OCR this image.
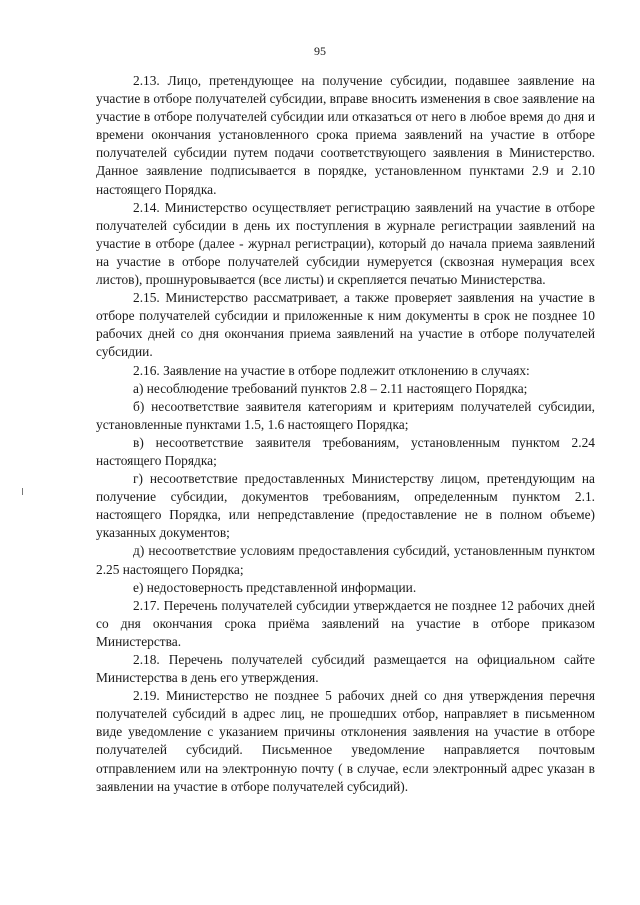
95

2.13. Лицо, претендующее на получение субсидии, подавшее заявление на участие в отборе получателей субсидии, вправе вносить изменения в свое заявление на участие в отборе получателей субсидии или отказаться от него в любое время до дня и времени окончания установленного срока приема заявлений на участие в отборе получателей субсидии путем подачи соответствующего заявления в Министерство. Данное заявление подписывается в порядке, установленном пунктами 2.9 и 2.10 настоящего Порядка.

2.14. Министерство осуществляет регистрацию заявлений на участие в отборе получателей субсидии в день их поступления в журнале регистрации заявлений на участие в отборе (далее - журнал регистрации), который до начала приема заявлений на участие в отборе получателей субсидии нумеруется (сквозная нумерация всех листов), прошнуровывается (все листы) и скрепляется печатью Министерства.

2.15. Министерство рассматривает, а также проверяет заявления на участие в отборе получателей субсидии и приложенные к ним документы в срок не позднее 10 рабочих дней со дня окончания приема заявлений на участие в отборе получателей субсидии.

2.16. Заявление на участие в отборе подлежит отклонению в случаях:

а) несоблюдение требований пунктов 2.8 – 2.11 настоящего Порядка;

б) несоответствие заявителя категориям и критериям получателей субсидии, установленные пунктами 1.5, 1.6 настоящего Порядка;

в) несоответствие заявителя требованиям, установленным пунктом 2.24 настоящего Порядка;

г) несоответствие предоставленных Министерству лицом, претендующим на получение субсидии, документов требованиям, определенным пунктом 2.1. настоящего Порядка, или непредставление (предоставление не в полном объеме) указанных документов;

д) несоответствие условиям предоставления субсидий, установленным пунктом 2.25 настоящего Порядка;

е) недостоверность представленной информации.

2.17. Перечень получателей субсидии утверждается не позднее 12 рабочих дней со дня окончания срока приёма заявлений на участие в отборе приказом Министерства.

2.18. Перечень получателей субсидий размещается на официальном сайте Министерства в день его утверждения.

2.19. Министерство не позднее 5 рабочих дней со дня утверждения перечня получателей субсидий в адрес лиц, не прошедших отбор, направляет в письменном виде уведомление с указанием причины отклонения заявления на участие в отборе получателей субсидий. Письменное уведомление направляется почтовым отправлением или на электронную почту ( в случае, если электронный адрес указан в заявлении на участие в отборе получателей субсидий).
